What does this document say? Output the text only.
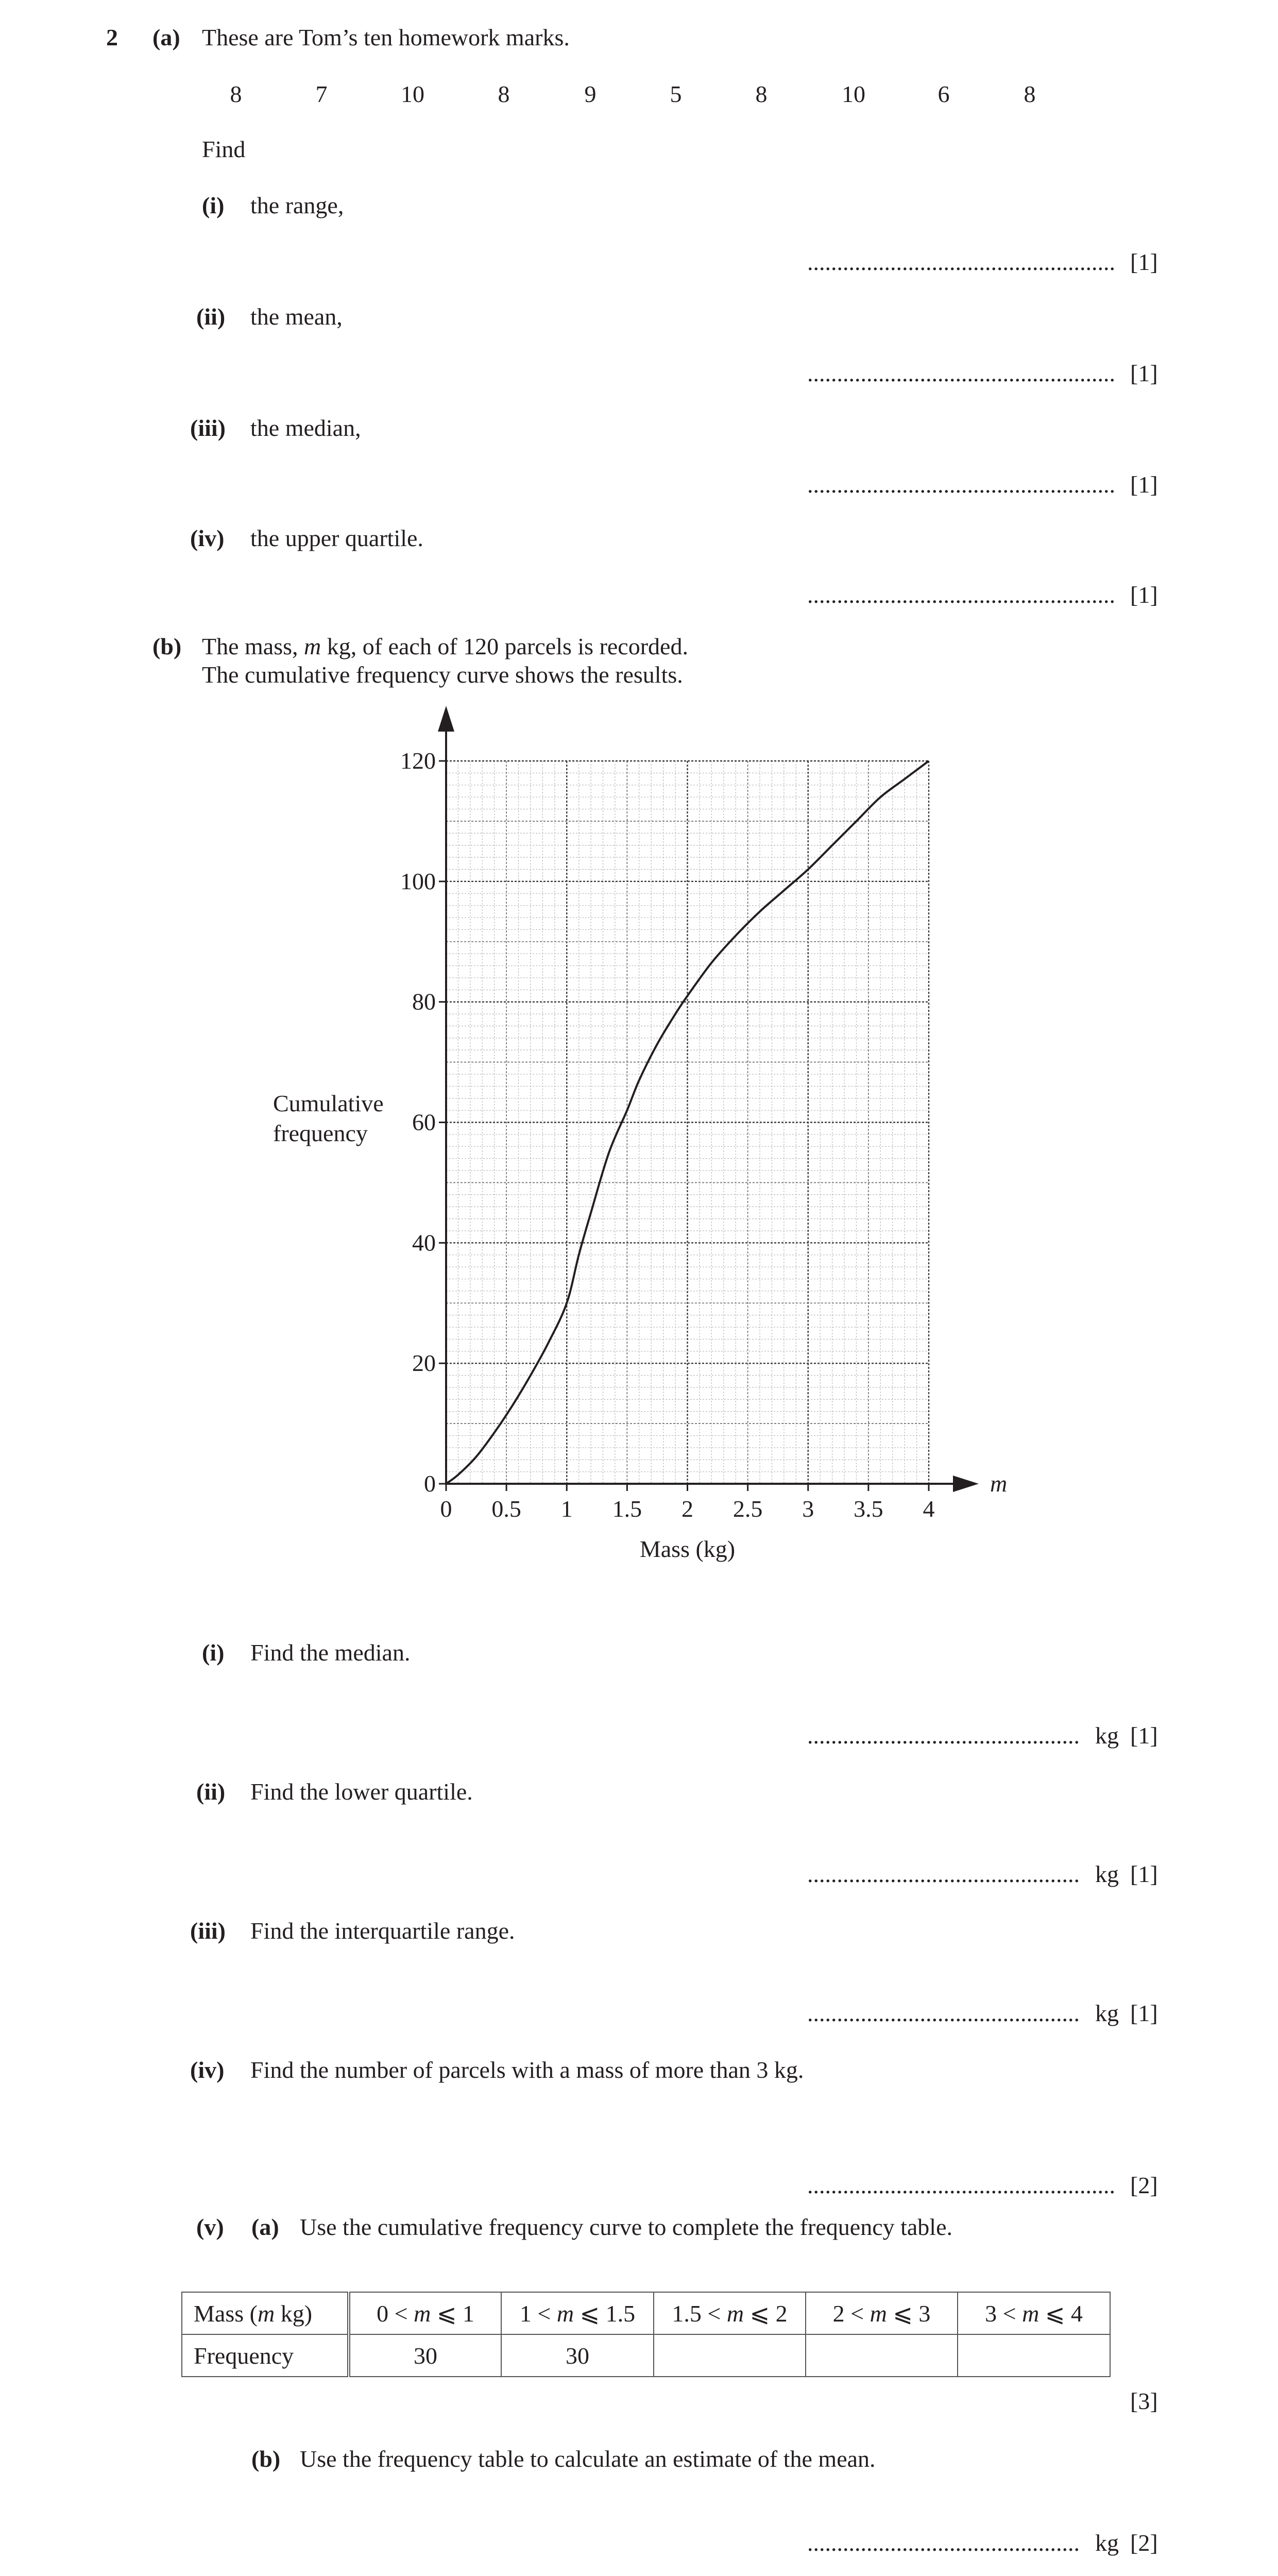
2 (a) These are Tom’s ten homework marks.
8	7	10	8	9	5	8	10	6	8
Find
(i) the range,
.................................................... [1]
(ii) the mean,
.................................................... [1]
(iii) the median,
.................................................... [1]
(iv) the upper quartile.
.................................................... [1]
(b) The mass, m kg, of each of 120 parcels is recorded.
The cumulative frequency curve shows the results.
0
20
40
60
80
100
120
0 0.5 1 1.5 2 2.5 3 3.5 4
m
Mass (kg)
Cumulative frequency
(i) Find the median.
.............................................. kg [1]
(ii) Find the lower quartile.
.............................................. kg [1]
(iii) Find the interquartile range.
.............................................. kg [1]
(iv) Find the number of parcels with a mass of more than 3 kg.
.................................................... [2]
(v) (a) Use the cumulative frequency curve to complete the frequency table.
Mass (m kg)	0 < m ⩽ 1	1 < m ⩽ 1.5	1.5 < m ⩽ 2	2 < m ⩽ 3	3 < m ⩽ 4
Frequency	30	30			
[3]
(b) Use the frequency table to calculate an estimate of the mean.
.............................................. kg [2]
